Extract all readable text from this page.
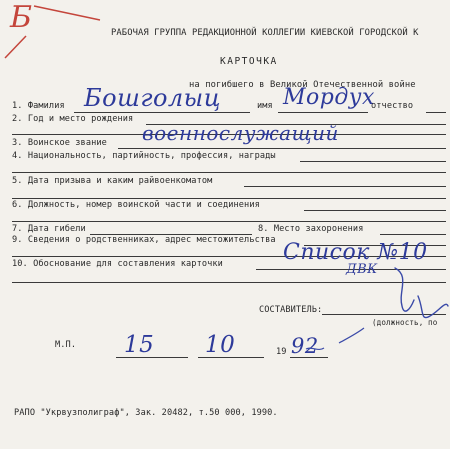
Б	РАБОЧАЯ ГРУППА РЕДАКЦИОННОЙ КОЛЛЕГИИ КИЕВСКОЙ ГОРОДСКОЙ К
КАРТОЧКА
на погибшего в Великой Отечественной войне
1. Фамилия Бошголыц	имя Мордух
отчество
2. Год и место рождения
3. Воинское звание военнослужащий
4. Национальность, партийность, профессия, награды
5. Дата призыва и каким райвоенкоматом
6. Должность, номер воинской части и соединения
7. Дата гибели	8. Место захоронения
9. Сведения о родственниках, адрес местожительства
10. Обоснование для составления карточки	Список №10
ДВК
СОСТАВИТЕЛЬ:
(должность, по
М.П. 15 10	19 92
РАПО "Укрвузполиграф", Зак. 20482, т.50 000, 1990.
